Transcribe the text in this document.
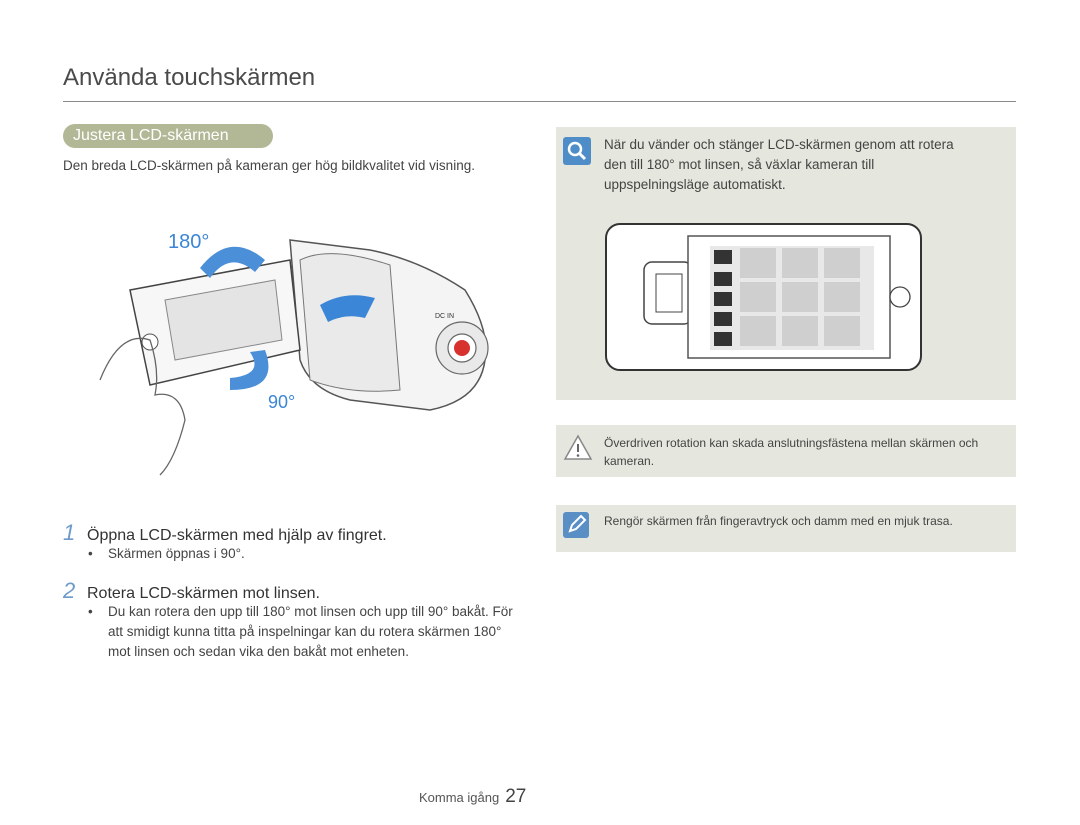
Använda touchskärmen
Justera LCD-skärmen
Den breda LCD-skärmen på kameran ger hög bildkvalitet vid visning.
DC IN
180°
90°
90°
1 Öppna LCD-skärmen med hjälp av fingret.
•	Skärmen öppnas i 90°.
2 Rotera LCD-skärmen mot linsen.
•	Du kan rotera den upp till 180° mot linsen och upp till 90° bakåt. För att smidigt kunna titta på inspelningar kan du rotera skärmen 180° mot linsen och sedan vika den bakåt mot enheten.
När du vänder och stänger LCD-skärmen genom att rotera den till 180° mot linsen, så växlar kameran till uppspelningsläge automatiskt.
Överdriven rotation kan skada anslutningsfästena mellan skärmen och kameran.
Rengör skärmen från fingeravtryck och damm med en mjuk trasa.
Komma igång 27
